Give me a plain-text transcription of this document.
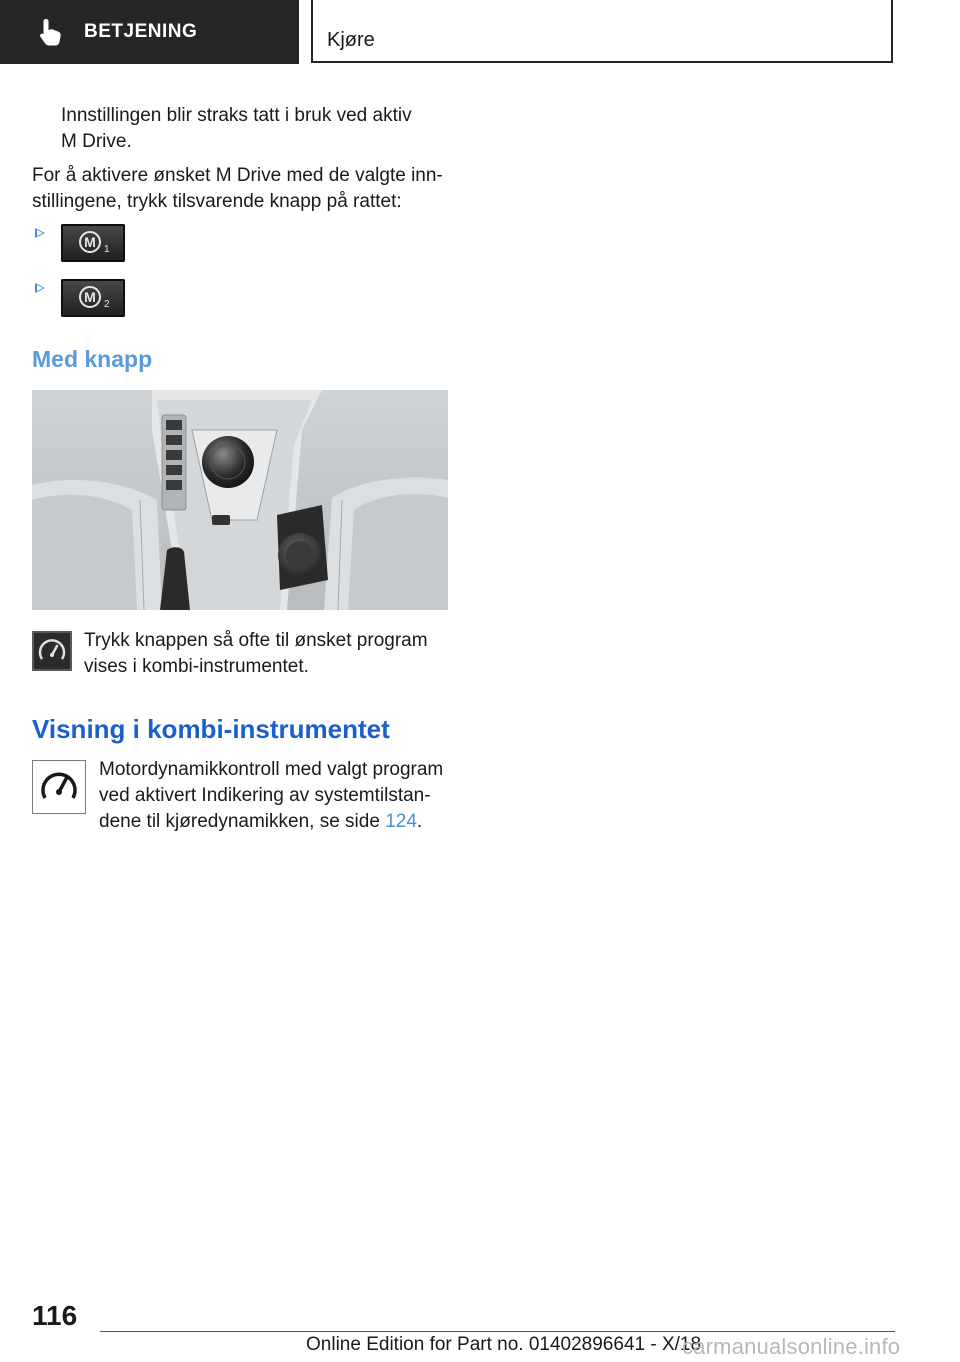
BETJENING	Kjøre
Innstillingen blir straks tatt i bruk ved aktiv
M Drive.
For å aktivere ønsket M Drive med de valgte inn-
stillingene, trykk tilsvarende knapp på rattet:
M 1
M 2
Med knapp
Trykk knappen så ofte til ønsket program
vises i kombi-instrumentet.
Visning i kombi-instrumentet
Motordynamikkontroll med valgt program
ved aktivert Indikering av systemtilstan-
dene til kjøredynamikken, se side 124.
116
Online Edition for Part no. 01402896641 - X/18
carmanualsonline.info
